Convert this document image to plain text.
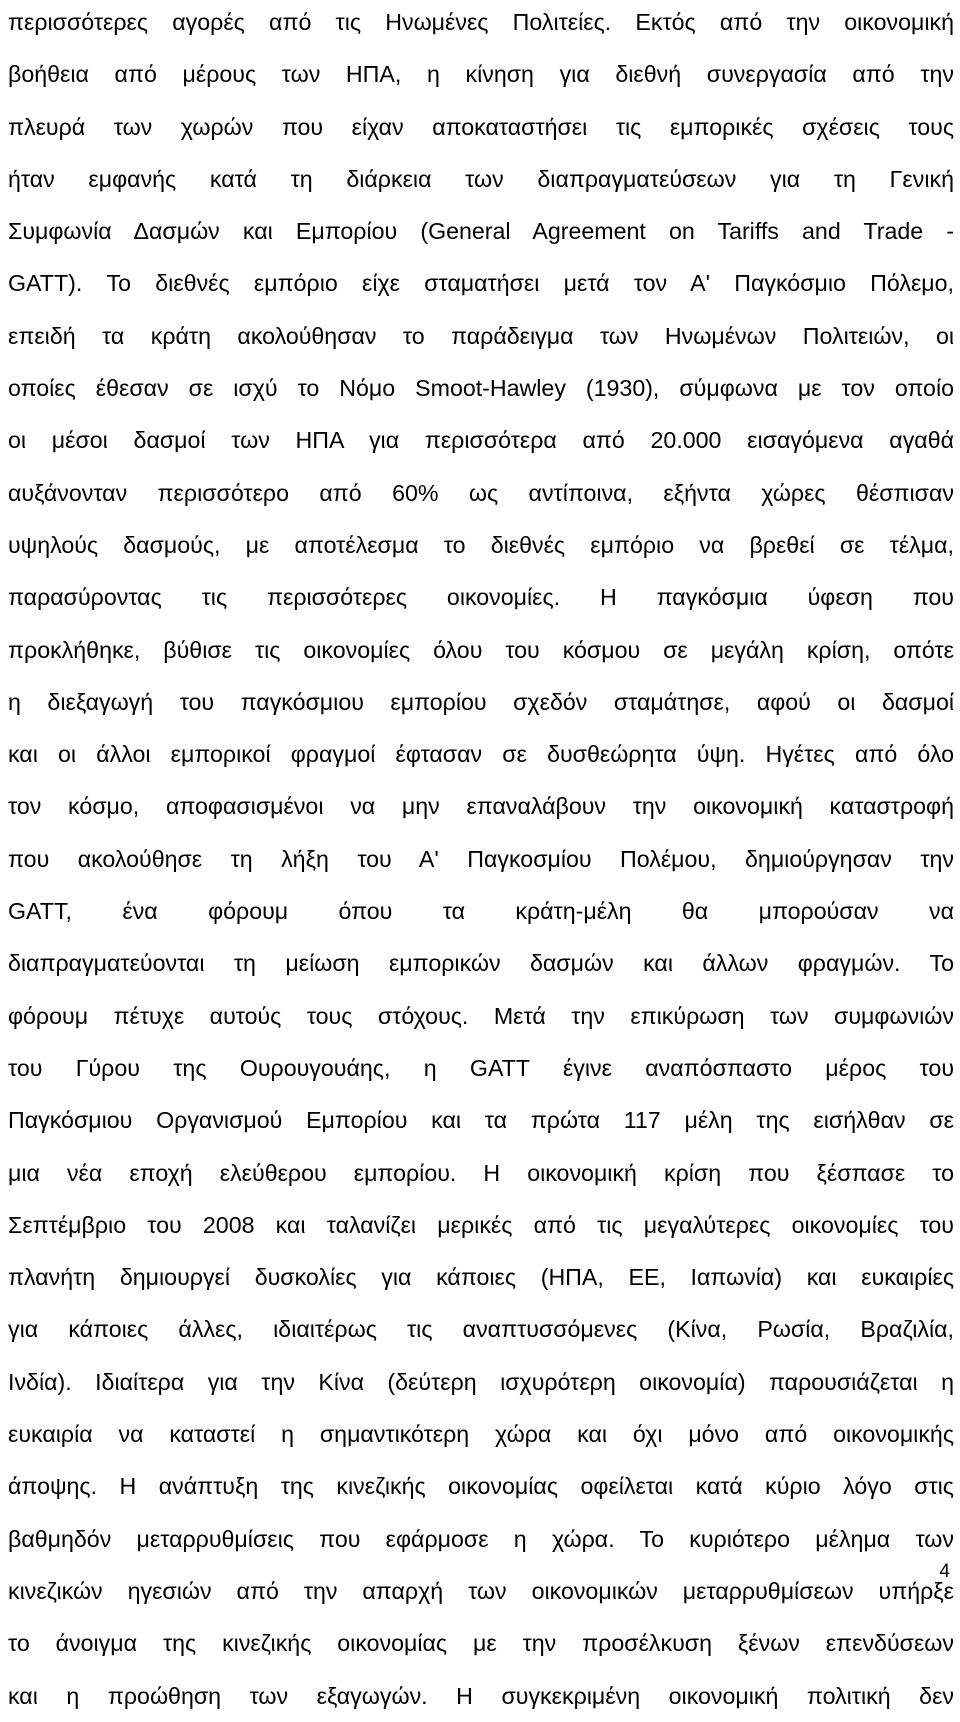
περισσότερες αγορές από τις Ηνωμένες Πολιτείες. Εκτός από την οικονομική
βοήθεια από μέρους των ΗΠΑ, η κίνηση για διεθνή συνεργασία από την
πλευρά των χωρών που είχαν αποκαταστήσει τις εμπορικές σχέσεις τους
ήταν εμφανής κατά τη διάρκεια των διαπραγματεύσεων για τη Γενική
Συμφωνία Δασμών και Εμπορίου (General Agreement on Tariffs and Trade -
GATT). Το διεθνές εμπόριο είχε σταματήσει μετά τον Α' Παγκόσμιο Πόλεμο,
επειδή τα κράτη ακολούθησαν το παράδειγμα των Ηνωμένων Πολιτειών, οι
οποίες έθεσαν σε ισχύ το Νόμο Smoot-Hawley (1930), σύμφωνα με τον οποίο
οι μέσοι δασμοί των ΗΠΑ για περισσότερα από 20.000 εισαγόμενα αγαθά
αυξάνονταν περισσότερο από 60% ως αντίποινα, εξήντα χώρες θέσπισαν
υψηλούς δασμούς, με αποτέλεσμα το διεθνές εμπόριο να βρεθεί σε τέλμα,
παρασύροντας τις περισσότερες οικονομίες. Η παγκόσμια ύφεση που
προκλήθηκε, βύθισε τις οικονομίες όλου του κόσμου σε μεγάλη κρίση, οπότε
η διεξαγωγή του παγκόσμιου εμπορίου σχεδόν σταμάτησε, αφού οι δασμοί
και οι άλλοι εμπορικοί φραγμοί έφτασαν σε δυσθεώρητα ύψη. Ηγέτες από όλο
τον κόσμο, αποφασισμένοι να μην επαναλάβουν την οικονομική καταστροφή
που ακολούθησε τη λήξη του Α' Παγκοσμίου Πολέμου, δημιούργησαν την
GATT, ένα φόρουμ όπου τα κράτη-μέλη θα μπορούσαν να
διαπραγματεύονται τη μείωση εμπορικών δασμών και άλλων φραγμών. Το
φόρουμ πέτυχε αυτούς τους στόχους. Μετά την επικύρωση των συμφωνιών
του Γύρου της Ουρουγουάης, η GATT έγινε αναπόσπαστο μέρος του
Παγκόσμιου Οργανισμού Εμπορίου και τα πρώτα 117 μέλη της εισήλθαν σε
μια νέα εποχή ελεύθερου εμπορίου. Η οικονομική κρίση που ξέσπασε το
Σεπτέμβριο του 2008 και ταλανίζει μερικές από τις μεγαλύτερες οικονομίες του
πλανήτη δημιουργεί δυσκολίες για κάποιες (ΗΠΑ, ΕΕ, Ιαπωνία) και ευκαιρίες
για κάποιες άλλες, ιδιαιτέρως τις αναπτυσσόμενες (Κίνα, Ρωσία, Βραζιλία,
Ινδία). Ιδιαίτερα για την Κίνα (δεύτερη ισχυρότερη οικονομία) παρουσιάζεται η
ευκαιρία να καταστεί η σημαντικότερη χώρα και όχι μόνο από οικονομικής
άποψης. Η ανάπτυξη της κινεζικής οικονομίας οφείλεται κατά κύριο λόγο στις
βαθμηδόν μεταρρυθμίσεις που εφάρμοσε η χώρα. Το κυριότερο μέλημα των
κινεζικών ηγεσιών από την απαρχή των οικονομικών μεταρρυθμίσεων υπήρξε
το άνοιγμα της κινεζικής οικονομίας με την προσέλκυση ξένων επενδύσεων
και η προώθηση των εξαγωγών. Η συγκεκριμένη οικονομική πολιτική δεν
4
